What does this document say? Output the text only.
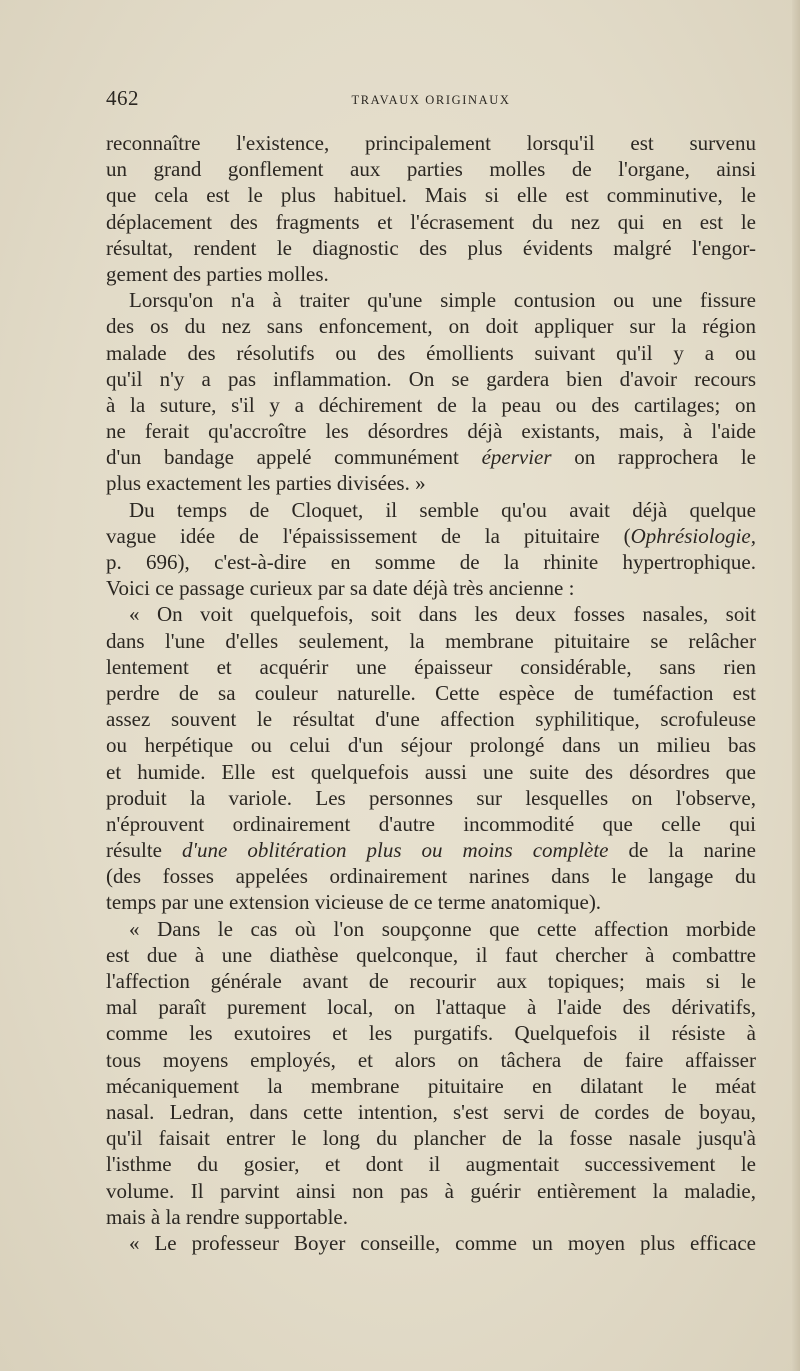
462	TRAVAUX ORIGINAUX
reconnaître l'existence, principalement lorsqu'il est survenu
un grand gonflement aux parties molles de l'organe, ainsi
que cela est le plus habituel. Mais si elle est comminutive, le
déplacement des fragments et l'écrasement du nez qui en est le
résultat, rendent le diagnostic des plus évidents malgré l'engor-
gement des parties molles.
Lorsqu'on n'a à traiter qu'une simple contusion ou une fissure
des os du nez sans enfoncement, on doit appliquer sur la région
malade des résolutifs ou des émollients suivant qu'il y a ou
qu'il n'y a pas inflammation. On se gardera bien d'avoir recours
à la suture, s'il y a déchirement de la peau ou des cartilages; on
ne ferait qu'accroître les désordres déjà existants, mais, à l'aide
d'un bandage appelé communément épervier on rapprochera le
plus exactement les parties divisées. »
Du temps de Cloquet, il semble qu'ou avait déjà quelque
vague idée de l'épaississement de la pituitaire (Ophrésiologie,
p. 696), c'est-à-dire en somme de la rhinite hypertrophique.
Voici ce passage curieux par sa date déjà très ancienne :
« On voit quelquefois, soit dans les deux fosses nasales, soit
dans l'une d'elles seulement, la membrane pituitaire se relâcher
lentement et acquérir une épaisseur considérable, sans rien
perdre de sa couleur naturelle. Cette espèce de tuméfaction est
assez souvent le résultat d'une affection syphilitique, scrofuleuse
ou herpétique ou celui d'un séjour prolongé dans un milieu bas
et humide. Elle est quelquefois aussi une suite des désordres que
produit la variole. Les personnes sur lesquelles on l'observe,
n'éprouvent ordinairement d'autre incommodité que celle qui
résulte d'une oblitération plus ou moins complète de la narine
(des fosses appelées ordinairement narines dans le langage du
temps par une extension vicieuse de ce terme anatomique).
« Dans le cas où l'on soupçonne que cette affection morbide
est due à une diathèse quelconque, il faut chercher à combattre
l'affection générale avant de recourir aux topiques; mais si le
mal paraît purement local, on l'attaque à l'aide des dérivatifs,
comme les exutoires et les purgatifs. Quelquefois il résiste à
tous moyens employés, et alors on tâchera de faire affaisser
mécaniquement la membrane pituitaire en dilatant le méat
nasal. Ledran, dans cette intention, s'est servi de cordes de boyau,
qu'il faisait entrer le long du plancher de la fosse nasale jusqu'à
l'isthme du gosier, et dont il augmentait successivement le
volume. Il parvint ainsi non pas à guérir entièrement la maladie,
mais à la rendre supportable.
« Le professeur Boyer conseille, comme un moyen plus efficace
